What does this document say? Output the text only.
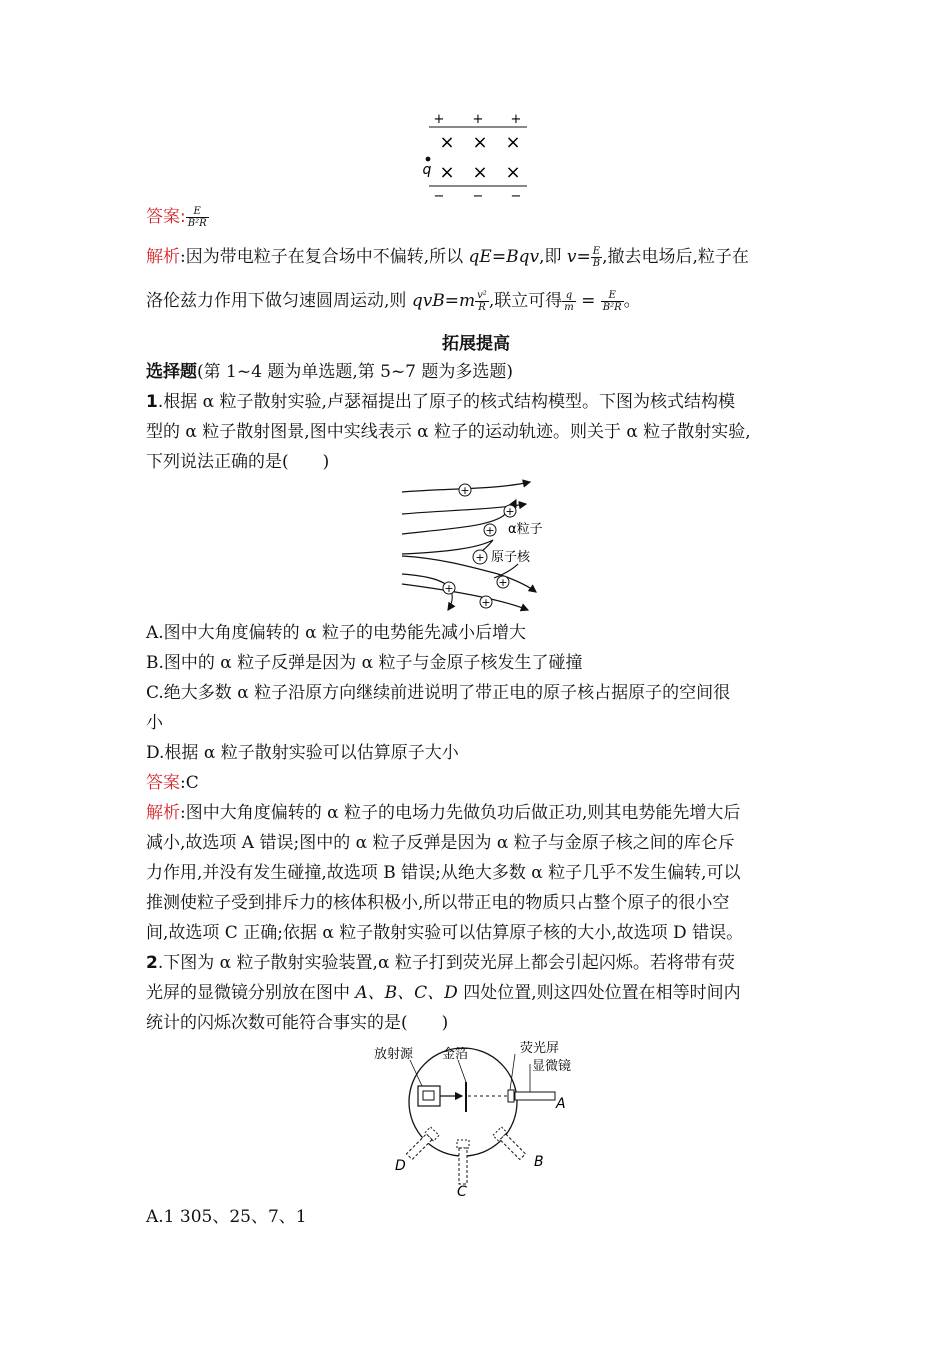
+ + +
× × ×
q × × ×
− − −
答案: $\frac{E}{\text{B²R}}$
解析:因为带电粒子在复合场中不偏转,所以 qE=Bqv,即 $v= \frac{E}{B}$ ,撤去电场后,粒子在
洛伦兹力作用下做匀速圆周运动,则 $qvB=m \frac{\text{v²}}{R}$ ,联立可得 $\frac{q}{m} = \frac{E}{\text{B²R}}$ 。
拓展提高
选择题(第 1~4 题为单选题,第 5~7 题为多选题)
1.根据 α 粒子散射实验,卢瑟福提出了原子的核式结构模型。下图为核式结构模
型的 α 粒子散射图景,图中实线表示 α 粒子的运动轨迹。则关于 α 粒子散射实验,
下列说法正确的是(　　)
+
+
+
+
+
+
+
α粒子
原子核
A.图中大角度偏转的 α 粒子的电势能先减小后增大
B.图中的 α 粒子反弹是因为 α 粒子与金原子核发生了碰撞
C.绝大多数 α 粒子沿原方向继续前进说明了带正电的原子核占据原子的空间很
小
D.根据 α 粒子散射实验可以估算原子大小
答案:C
解析:图中大角度偏转的 α 粒子的电场力先做负功后做正功,则其电势能先增大后
减小,故选项 A 错误;图中的 α 粒子反弹是因为 α 粒子与金原子核之间的库仑斥
力作用,并没有发生碰撞,故选项 B 错误;从绝大多数 α 粒子几乎不发生偏转,可以
推测使粒子受到排斥力的核体积极小,所以带正电的物质只占整个原子的很小空
间,故选项 C 正确;依据 α 粒子散射实验可以估算原子核的大小,故选项 D 错误。
2.下图为 α 粒子散射实验装置,α 粒子打到荧光屏上都会引起闪烁。若将带有荧
光屏的显微镜分别放在图中 A、B、C、D 四处位置,则这四处位置在相等时间内
统计的闪烁次数可能符合事实的是(　　)
放射源 金箔	荧光屏
显微镜
A
B
C
D
A.1 305、25、7、1
